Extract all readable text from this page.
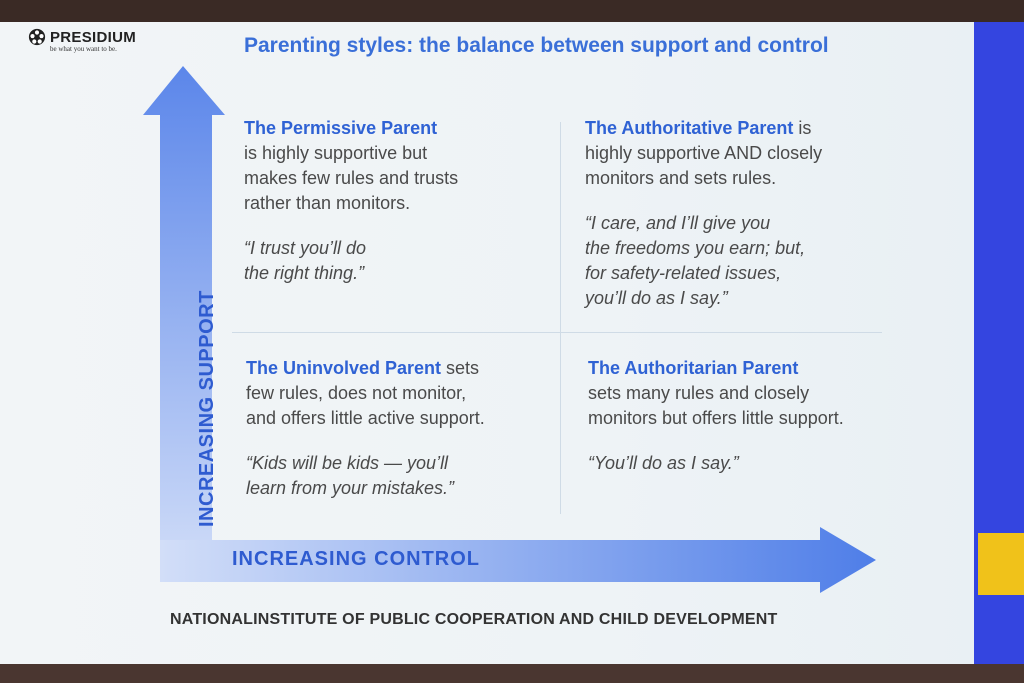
PRESIDIUM
be what you want to be.	Parenting styles: the balance between support and control
INCREASING SUPPORT
INCREASING CONTROL
The Permissive Parent
is highly supportive but
makes few rules and trusts
rather than monitors.
“I trust you’ll do
the right thing.”
The Authoritative Parent is
highly supportive AND closely
monitors and sets rules.
“I care, and I’ll give you
the freedoms you earn; but,
for safety-related issues,
you’ll do as I say.”
The Uninvolved Parent sets
few rules, does not monitor,
and offers little active support.
“Kids will be kids — you’ll
learn from your mistakes.”
The Authoritarian Parent
sets many rules and closely
monitors but offers little support.
“You’ll do as I say.”
NATIONALINSTITUTE OF PUBLIC COOPERATION AND CHILD DEVELOPMENT
